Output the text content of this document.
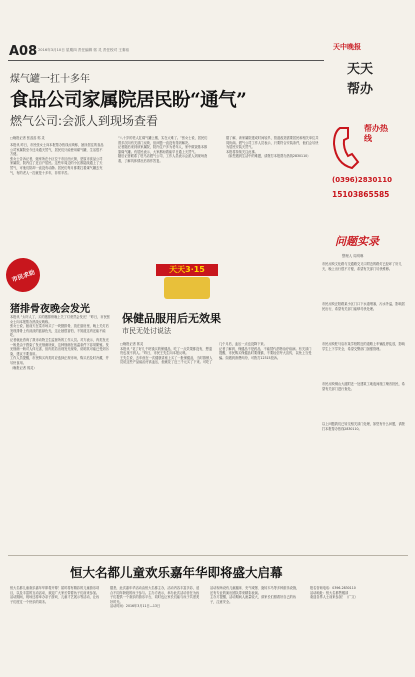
A08 2016年3月10日 星期四 责任编辑 郭 灵 责任校对 王秦裕	天中晚报
天天
帮办
煤气罐一扛十多年
食品公司家属院居民盼“通气”
燃气公司:会派人到现场查看
□晚报记者 张蕊蕊 郭 灵
本报讯 昨日，市民张女士向本报帮办热线反映称，她所居住的食品公司家属院至今还未通天然气，居民们只能使用煤气罐，生活很不方便。
张女士告诉记者，她家所在小区位于市区西大街，是原市食品公司家属院，院内住了近百户居民。这些年周边的小区都陆续通上了天然气，可他们院却一直没有动静。居民们每月都要扛着煤气罐去充气，有的老人一扛就是十多年，非常辛苦。
“八十岁的老人扛煤气罐上楼，实在太难了。”张女士说，居民们曾多次向有关部门反映，但问题一直没有得到解决。
记者随后来到该家属院，院内住户多为老年人，家中做饭基本都靠煤气罐。有居民表示，大家都盼着能早日通上天然气。
随后记者联系了驻马店燃气公司，工作人员表示会派人到现场查看，了解具体情况后再作答复。
据了解，该家属院建成时间较早，管道改造需要居民和相关单位共同协商。燃气公司工作人员表示，只要符合安装条件，他们会尽快为居民安装天然气。
本报将持续关注此事。
（如您遇到生活中的难题，请拨打本报帮办热线2830110）
帮办热线
(0396)2830110
15103865585
市民求助
猪排骨夜晚会发光
本报讯 “太吓人了，买的猪排骨晚上关了灯竟然会发光！”昨日，市民张女士向本报帮办热线反映称。
张女士说，她前天在菜市场买了一块猪排骨，放在厨房里，晚上关灯后发现排骨上有淡淡的蓝绿色光，这让她很害怕，不知道这肉还能不能吃。
记者就此咨询了我市动物卫生监督所的工作人员。对方表示，肉类发光一般是由于感染了发光细菌所致，这种细菌在低温条件下容易繁殖。发光细菌一般对人体无害，但肉类若出现发光现象，说明其可能已受到污染，建议不要食用。
工作人员提醒，市民购买肉类时应选择正规市场，购买后及时冷藏，并尽快食用。
（晚报记者 郭灵）
天天3·15
保健品服用后无效果
市民无处讨说法
□晚报记者 郭灵
本报讯 “花了好几千块钱买的保健品，吃了一点效果都没有，想退货也找不到人。”昨日，市民王先生向本报反映。
王先生说，去年他在一次健康讲座上买了一批保健品，当时推销人员说这些产品能治疗高血压，他就花了近三千元买了下来。可吃了几个月后，血压一点也没降下来。
记者了解到，保健品不是药品，不能替代药物治疗疾病。有关部门提醒，市民购买保健品时要谨慎，不要轻信夸大宣传，以免上当受骗。如遇到消费纠纷，可拨打12315投诉。
问题实录
整理人 周玥琳
市民反映文化路与交通路交叉口附近的路灯已经坏了好几天，晚上出行很不方便，希望有关部门尽快维修。
市民反映正阳路某小区门口下水道堵塞，污水外溢，影响居民出行，希望有关部门能够尽快处理。
市民反映驻马店市某学校附近的道路上车辆乱停乱放，影响学生上下学安全，希望交警部门加强管理。
市民反映铜山大道附近一处建筑工地夜间施工噪音扰民，希望有关部门进行查处。
以上问题我们已转交相关部门处理，如您有什么问题，请拨打本报帮办热线2830110。
恒大名都儿童欢乐嘉年华即将盛大启幕
恒大名都儿童欢乐嘉年华即将开幕！届时将有精彩的儿童游乐项目，以及丰富的互动活动，欢迎广大家长带着孩子们前来参加。
活动期间，现场还将举办亲子游戏、儿童才艺展示等活动，让孩子们度过一个快乐的周末。
据悉，此次嘉年华活动由恒大名都主办，活动内容丰富多彩，适合不同年龄段的孩子参与。主办方表示，举办此次活动旨在为孩子们提供一个欢乐的游乐平台，同时也让家长们能与孩子共度美好时光。
活动时间：2016年3月11日—13日
活动现场设有儿童蹦床、充气城堡、旋转木马等多种游乐设施，还有专业的演出团队带来精彩表演。
主办方提醒，活动期间人流量较大，请家长们照看好自己的孩子，注意安全。
报名咨询电话：0396-2830110
活动地址：恒大名都售楼部
欢迎各界人士前来参加！（广文）
